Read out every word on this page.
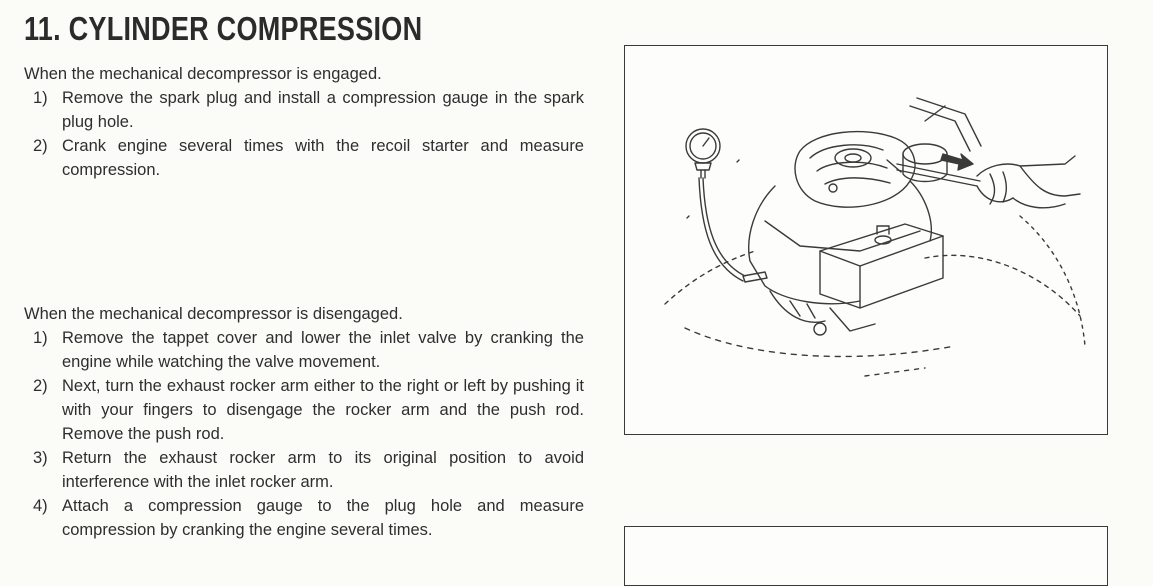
11. CYLINDER COMPRESSION

When the mechanical decompressor is engaged.

1) Remove the spark plug and install a compression gauge in the spark plug hole.
2) Crank engine several times with the recoil starter and measure compression.

When the mechanical decompressor is disengaged.

1) Remove the tappet cover and lower the inlet valve by cranking the engine while watching the valve movement.
2) Next, turn the exhaust rocker arm either to the right or left by pushing it with your fingers to disengage the rocker arm and the push rod. Remove the push rod.
3) Return the exhaust rocker arm to its original position to avoid interference with the inlet rocker arm.
4) Attach a compression gauge to the plug hole and measure compression by cranking the engine several times.
